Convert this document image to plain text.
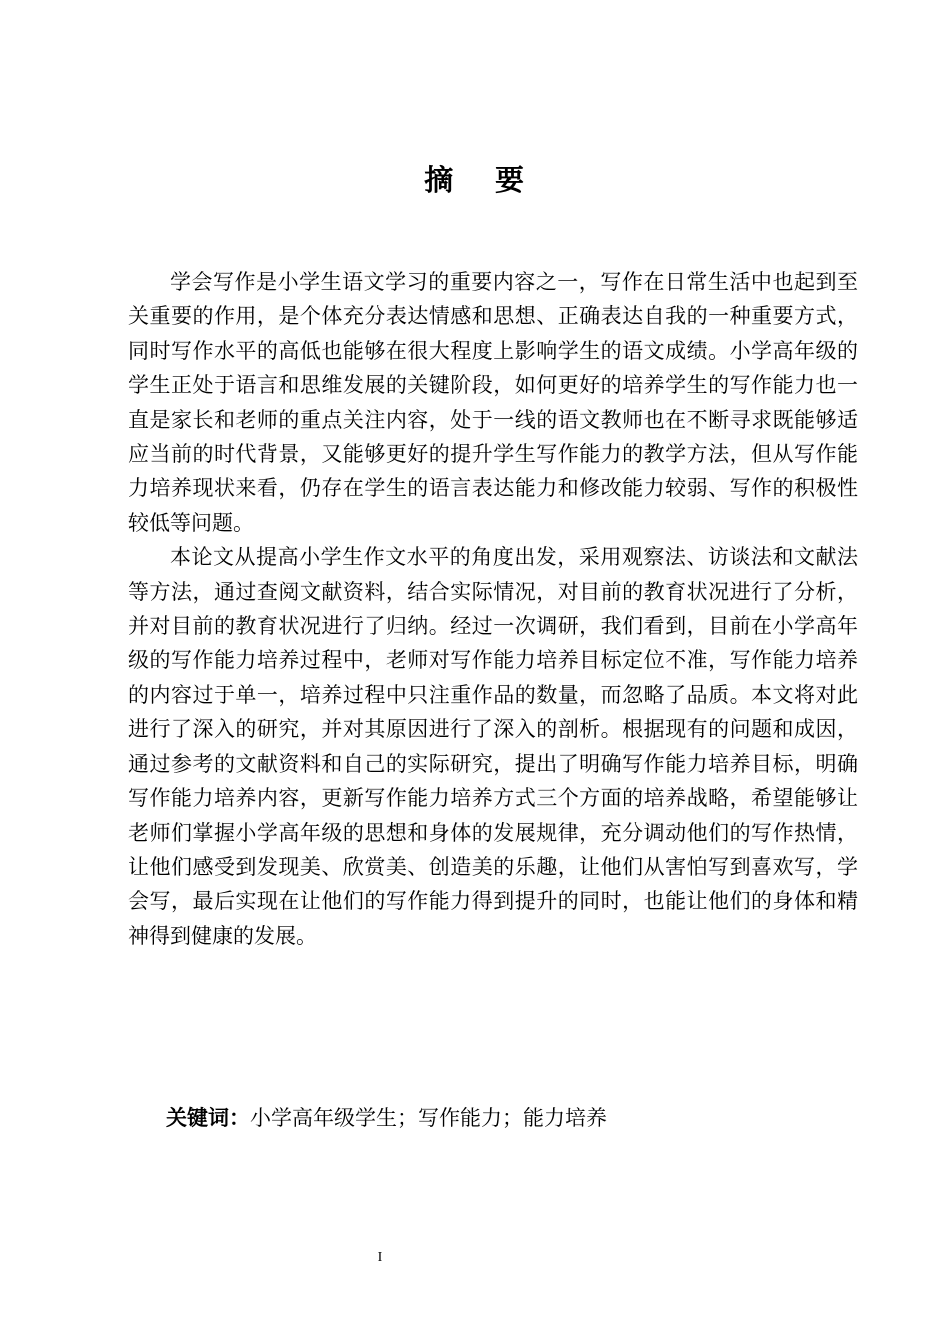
摘 要

学会写作是小学生语文学习的重要内容之一，写作在日常生活中也起到至关重要的作用，是个体充分表达情感和思想、正确表达自我的一种重要方式，同时写作水平的高低也能够在很大程度上影响学生的语文成绩。小学高年级的学生正处于语言和思维发展的关键阶段，如何更好的培养学生的写作能力也一直是家长和老师的重点关注内容，处于一线的语文教师也在不断寻求既能够适应当前的时代背景，又能够更好的提升学生写作能力的教学方法，但从写作能力培养现状来看，仍存在学生的语言表达能力和修改能力较弱、写作的积极性较低等问题。

本论文从提高小学生作文水平的角度出发，采用观察法、访谈法和文献法等方法，通过查阅文献资料，结合实际情况，对目前的教育状况进行了分析，并对目前的教育状况进行了归纳。经过一次调研，我们看到，目前在小学高年级的写作能力培养过程中，老师对写作能力培养目标定位不准，写作能力培养的内容过于单一，培养过程中只注重作品的数量，而忽略了品质。本文将对此进行了深入的研究，并对其原因进行了深入的剖析。根据现有的问题和成因，通过参考的文献资料和自己的实际研究，提出了明确写作能力培养目标，明确写作能力培养内容，更新写作能力培养方式三个方面的培养战略，希望能够让老师们掌握小学高年级的思想和身体的发展规律，充分调动他们的写作热情，让他们感受到发现美、欣赏美、创造美的乐趣，让他们从害怕写到喜欢写，学会写，最后实现在让他们的写作能力得到提升的同时，也能让他们的身体和精神得到健康的发展。

关键词：小学高年级学生；写作能力；能力培养
I
